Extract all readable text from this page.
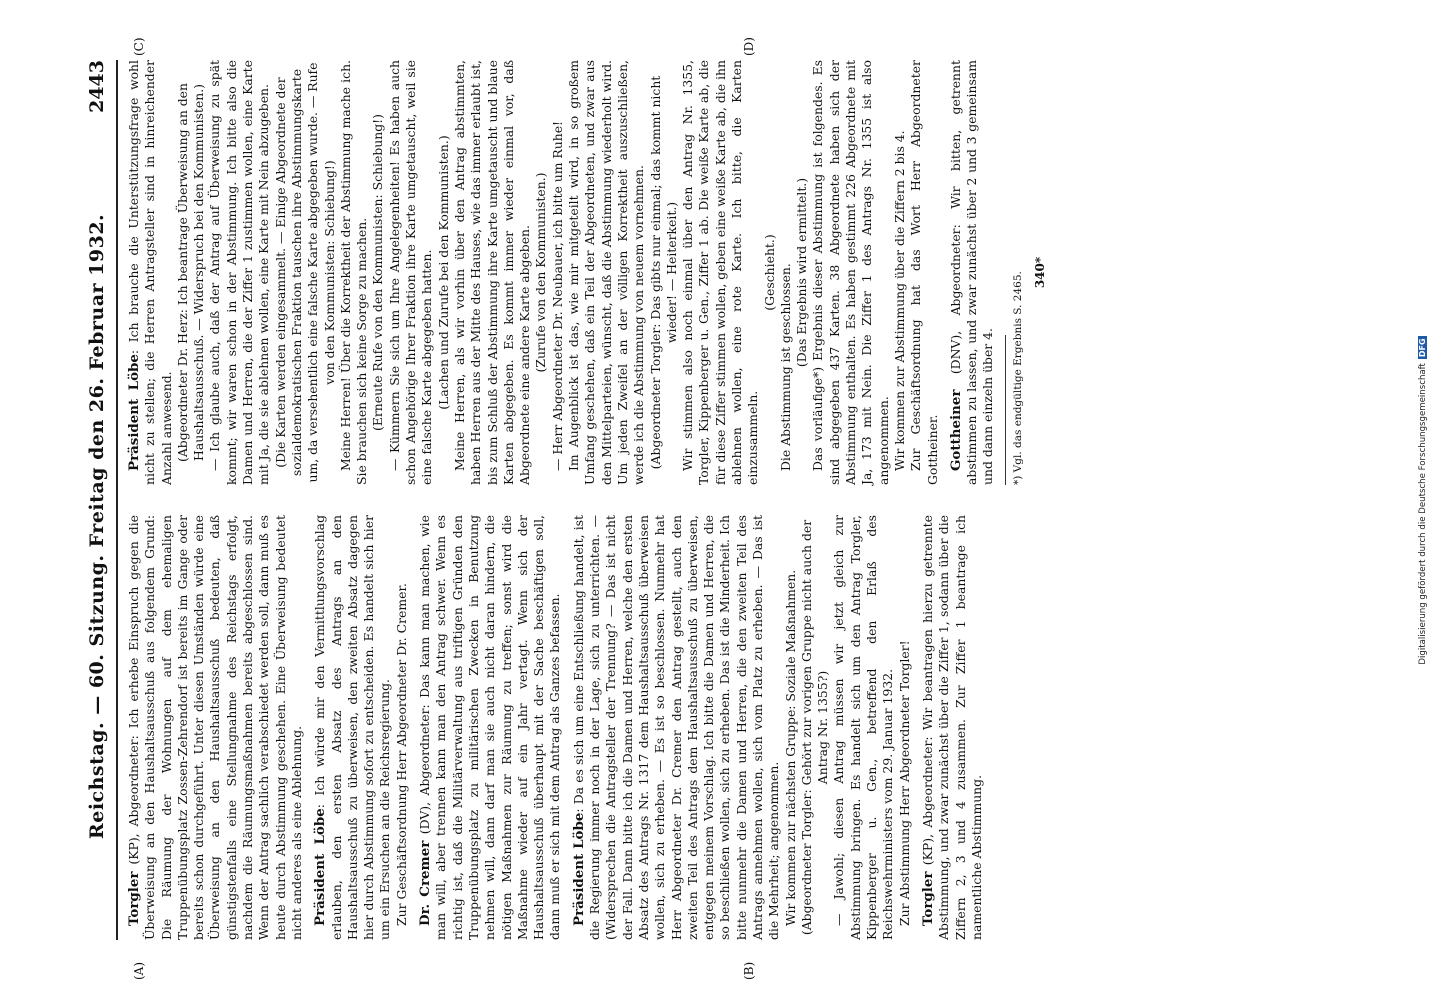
Reichstag. — 60. Sitzung. Freitag den 26. Februar 1932.
2443

Torgler (KP), Abgeordneter: Ich erhebe Einspruch gegen die Überweisung an den Haushaltsausschuß aus folgendem Grund: Die Räumung der Wohnungen auf dem ehemaligen Truppenübungsplatz Zossen-Zehrendorf ist bereits im Gange oder bereits schon durchgeführt. Unter diesen Umständen würde eine Überweisung an den Haushaltsausschuß bedeuten, daß günstigstenfalls eine Stellungnahme des Reichstags erfolgt, nachdem die Räumungsmaßnahmen bereits abgeschlossen sind. Wenn der Antrag sachlich verabschiedet werden soll, dann muß es heute durch Abstimmung geschehen. Eine Überweisung bedeutet nicht anderes als eine Ablehnung. Präsident Löbe: Ich würde mir den Vermittlungsvorschlag erlauben, den ersten Absatz des Antrags an den Haushaltsausschuß zu überweisen, den zweiten Absatz dagegen hier durch Abstimmung sofort zu entscheiden. Es handelt sich hier um ein Ersuchen an die Reichsregierung. Zur Geschäftsordnung Herr Abgeordneter Dr. Cremer. Dr. Cremer (DV), Abgeordneter: Das kann man machen, wie man will, aber trennen kann man den Antrag schwer. Wenn es richtig ist, daß die Militärverwaltung aus triftigen Gründen den Truppenübungsplatz zu militärischen Zwecken in Benutzung nehmen will, dann darf man sie auch nicht daran hindern, die nötigen Maßnahmen zur Räumung zu treffen; sonst wird die Maßnahme wieder auf ein Jahr vertagt. Wenn sich der Haushaltsausschuß überhaupt mit der Sache beschäftigen soll, dann muß er sich mit dem Antrag als Ganzes befassen. Präsident Löbe: Da es sich um eine Entschließung handelt, ist die Regierung immer noch in der Lage, sich zu unterrichten. — (Widersprechen die Antragsteller der Trennung? — Das ist nicht der Fall. Dann bitte ich die Damen und Herren, welche den ersten Absatz des Antrags Nr. 1317 dem Haushaltsausschuß überweisen wollen, sich zu erheben. — Es ist so beschlossen. Nunmehr hat Herr Abgeordneter Dr. Cremer den Antrag gestellt, auch den zweiten Teil des Antrags dem Haushaltsausschuß zu überweisen, entgegen meinem Vorschlag. Ich bitte die Damen und Herren, die so beschließen wollen, sich zu erheben. Das ist die Minderheit. Ich bitte nunmehr die Damen und Herren, die den zweiten Teil des Antrags annehmen wollen, sich vom Platz zu erheben. — Das ist die Mehrheit; angenommen. Wir kommen zur nächsten Gruppe: Soziale Maßnahmen. (Abgeordneter Torgler: Gehört zur vorigen Gruppe nicht auch der Antrag Nr. 1355?) — Jawohl; diesen Antrag müssen wir jetzt gleich zur Abstimmung bringen. Es handelt sich um den Antrag Torgler, Kippenberger u. Gen., betreffend den Erlaß des Reichswehrministers vom 29. Januar 1932. Zur Abstimmung Herr Abgeordneter Torgler! Torgler (KP), Abgeordneter: Wir beantragen hierzu getrennte Abstimmung, und zwar zunächst über die Ziffer 1, sodann über die Ziffern 2, 3 und 4 zusammen. Zur Ziffer 1 beantrage ich namentliche Abstimmung.

Präsident Löbe: Ich brauche die Unterstützungsfrage wohl nicht zu stellen; die Herren Antragsteller sind in hinreichender Anzahl anwesend. (Abgeordneter Dr. Herz: Ich beantrage Überweisung an den Haushaltsausschuß. — Widerspruch bei den Kommunisten.) — Ich glaube auch, daß der Antrag auf Überweisung zu spät kommt; wir waren schon in der Abstimmung. Ich bitte also die Damen und Herren, die der Ziffer 1 zustimmen wollen, eine Karte mit Ja, die sie ablehnen wollen, eine Karte mit Nein abzugeben. (Die Karten werden eingesammelt. — Einige Abgeordnete der sozialdemokratischen Fraktion tauschen ihre Abstimmungskarte um, da versehentlich eine falsche Karte abgegeben wurde. — Rufe von den Kommunisten: Schiebung!) Meine Herren! Über die Korrektheit der Abstimmung mache ich. Sie brauchen sich keine Sorge zu machen. (Erneute Rufe von den Kommunisten: Schiebung!) — Kümmern Sie sich um Ihre Angelegenheiten! Es haben auch schon Angehörige Ihrer Fraktion ihre Karte umgetauscht, weil sie eine falsche Karte abgegeben hatten. (Lachen und Zurufe bei den Kommunisten.) Meine Herren, als wir vorhin über den Antrag abstimmten, haben Herren aus der Mitte des Hauses, wie das immer erlaubt ist, bis zum Schluß der Abstimmung ihre Karte umgetauscht und blaue Karten abgegeben. Es kommt immer wieder einmal vor, daß Abgeordnete eine andere Karte abgeben. (Zurufe von den Kommunisten.) — Herr Abgeordneter Dr. Neubauer, ich bitte um Ruhe! Im Augenblick ist das, wie mir mitgeteilt wird, in so großem Umfang geschehen, daß ein Teil der Abgeordneten, und zwar aus den Mittelparteien, wünscht, daß die Abstimmung wiederholt wird. Um jeden Zweifel an der völligen Korrektheit auszuschließen, werde ich die Abstimmung von neuem vornehmen. (Abgeordneter Torgler: Das gibts nur einmal; das kommt nicht wieder! — Heiterkeit.) Wir stimmen also noch einmal über den Antrag Nr. 1355, Torgler, Kippenberger u. Gen., Ziffer 1 ab. Die weiße Karte ab, die für diese Ziffer stimmen wollen, geben eine weiße Karte ab, die ihn ablehnen wollen, eine rote Karte. Ich bitte, die Karten einzusammeln.

(Geschieht.) Die Abstimmung ist geschlossen. (Das Ergebnis wird ermittelt.) Das vorläufige*) Ergebnis dieser Abstimmung ist folgendes. Es sind abgegeben 437 Karten. 38 Abgeordnete haben sich der Abstimmung enthalten. Es haben gestimmt 226 Abgeordnete mit Ja, 173 mit Nein. Die Ziffer 1 des Antrags Nr. 1355 ist also angenommen. Wir kommen zur Abstimmung über die Ziffern 2 bis 4. Zur Geschäftsordnung hat das Wort Herr Abgeordneter Gottheiner. Gottheiner (DNV), Abgeordneter: Wir bitten, getrennt abstimmen zu lassen, und zwar zunächst über 2 und 3 gemeinsam und dann einzeln über 4. *) Vgl. das endgültige Ergebnis S. 2465. 340*
(A)	(B)
(C)	(D)
Digitalisierung gefördert durch die Deutsche ForschungsgemeinschaftDFG
